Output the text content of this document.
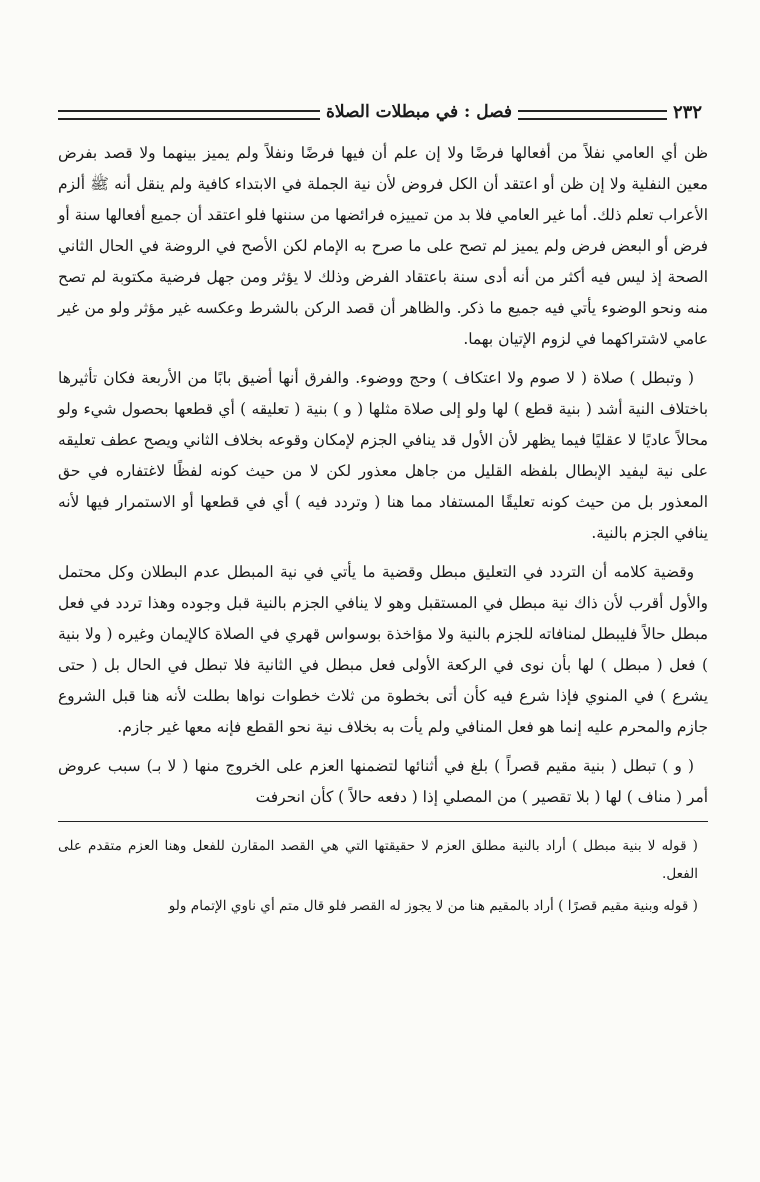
٢٣٢
فصل : في مبطلات الصلاة

ظن أي العامي نفلاً من أفعالها فرضًا ولا إن علم أن فيها فرضًا ونفلاً ولم يميز بينهما ولا قصد بفرض معين النفلية ولا إن ظن أو اعتقد أن الكل فروض لأن نية الجملة في الابتداء كافية ولم ينقل أنه ﷺ ألزم الأعراب تعلم ذلك. أما غير العامي فلا بد من تمييزه فرائضها من سننها فلو اعتقد أن جميع أفعالها سنة أو فرض أو البعض فرض ولم يميز لم تصح على ما صرح به الإمام لكن الأصح في الروضة في الحال الثاني الصحة إذ ليس فيه أكثر من أنه أدى سنة باعتقاد الفرض وذلك لا يؤثر ومن جهل فرضية مكتوبة لم تصح منه ونحو الوضوء يأتي فيه جميع ما ذكر. والظاهر أن قصد الركن بالشرط وعكسه غير مؤثر ولو من غير عامي لاشتراكهما في لزوم الإتيان بهما.

( وتبطل ) صلاة ( لا صوم ولا اعتكاف ) وحج ووضوء. والفرق أنها أضيق بابًا من الأربعة فكان تأثيرها باختلاف النية أشد ( بنية قطع ) لها ولو إلى صلاة مثلها ( و ) بنية ( تعليقه ) أي قطعها بحصول شيء ولو محالاً عاديًا لا عقليًا فيما يظهر لأن الأول قد ينافي الجزم لإمكان وقوعه بخلاف الثاني ويصح عطف تعليقه على نية ليفيد الإبطال بلفظه القليل من جاهل معذور لكن لا من حيث كونه لفظًا لاغتفاره في حق المعذور بل من حيث كونه تعليقًا المستفاد مما هنا ( وتردد فيه ) أي في قطعها أو الاستمرار فيها لأنه ينافي الجزم بالنية.

وقضية كلامه أن التردد في التعليق مبطل وقضية ما يأتي في نية المبطل عدم البطلان وكل محتمل والأول أقرب لأن ذاك نية مبطل في المستقبل وهو لا ينافي الجزم بالنية قبل وجوده وهذا تردد في فعل مبطل حالاً فليبطل لمنافاته للجزم بالنية ولا مؤاخذة بوسواس قهري في الصلاة كالإيمان وغيره ( ولا بنية ) فعل ( مبطل ) لها بأن نوى في الركعة الأولى فعل مبطل في الثانية فلا تبطل في الحال بل ( حتى يشرع ) في المنوي فإذا شرع فيه كأن أتى بخطوة من ثلاث خطوات نواها بطلت لأنه هنا قبل الشروع جازم والمحرم عليه إنما هو فعل المنافي ولم يأت به بخلاف نية نحو القطع فإنه معها غير جازم.

( و ) تبطل ( بنية مقيم قصراً ) بلغ في أثنائها لتضمنها العزم على الخروج منها ( لا بـ) سبب عروض أمر ( مناف ) لها ( بلا تقصير ) من المصلي إذا ( دفعه حالاً ) كأن انحرفت

( قوله لا بنية مبطل ) أراد بالنية مطلق العزم لا حقيقتها التي هي القصد المقارن للفعل وهنا العزم متقدم على الفعل.

( قوله وبنية مقيم قصرًا ) أراد بالمقيم هنا من لا يجوز له القصر فلو قال متم أي ناوي الإتمام ولو
